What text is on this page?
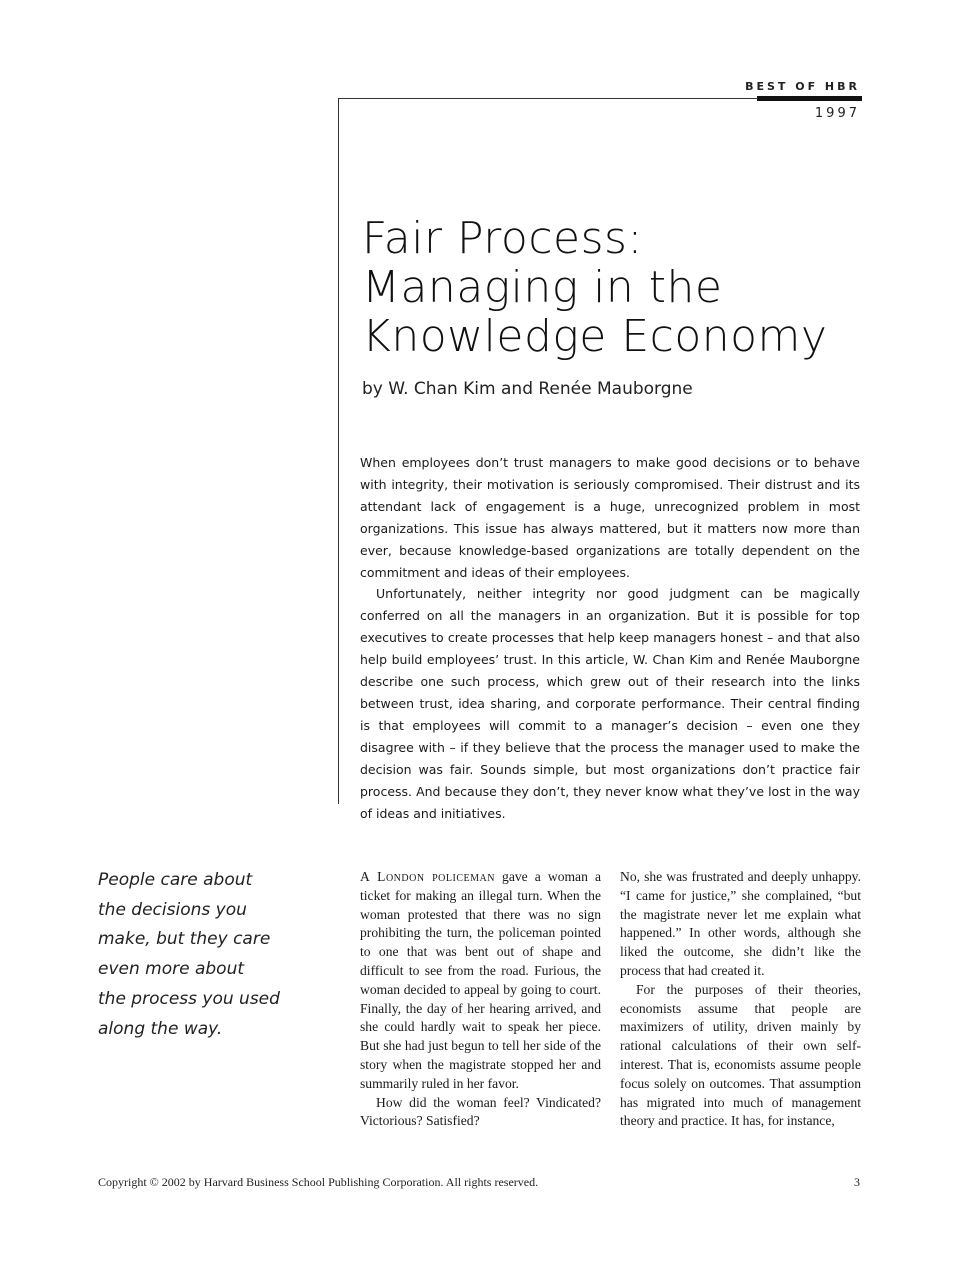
BEST OF HBR
1997
Fair Process:
Managing in the
Knowledge Economy
by W. Chan Kim and Renée Mauborgne

When employees don’t trust managers to make good decisions or to behave with integrity, their motivation is seriously compromised. Their distrust and its attendant lack of engagement is a huge, unrecognized problem in most organizations. This issue has always mattered, but it matters now more than ever, because knowledge-based organizations are totally dependent on the commitment and ideas of their employees.

Unfortunately, neither integrity nor good judgment can be magically conferred on all the managers in an organization. But it is possible for top executives to create processes that help keep managers honest – and that also help build employees’ trust. In this article, W. Chan Kim and Renée Mauborgne describe one such process, which grew out of their research into the links between trust, idea sharing, and corporate performance. Their central finding is that employees will commit to a manager’s decision – even one they disagree with – if they believe that the process the manager used to make the decision was fair. Sounds simple, but most organizations don’t practice fair process. And because they don’t, they never know what they’ve lost in the way of ideas and initiatives.

People care about
the decisions you
make, but they care
even more about
the process you used
along the way.

A London policeman gave a woman a ticket for making an illegal turn. When the woman protested that there was no sign prohibiting the turn, the policeman pointed to one that was bent out of shape and difficult to see from the road. Furious, the woman decided to appeal by going to court. Finally, the day of her hearing arrived, and she could hardly wait to speak her piece. But she had just begun to tell her side of the story when the magistrate stopped her and summarily ruled in her favor.

How did the woman feel? Vindicated? Victorious? Satisfied?

No, she was frustrated and deeply unhappy. “I came for justice,” she complained, “but the magistrate never let me explain what happened.” In other words, although she liked the outcome, she didn’t like the process that had created it.

For the purposes of their theories, economists assume that people are maximizers of utility, driven mainly by rational calculations of their own self-interest. That is, economists assume people focus solely on outcomes. That assumption has migrated into much of management theory and practice. It has, for instance,

Copyright © 2002 by Harvard Business School Publishing Corporation. All rights reserved.	3
